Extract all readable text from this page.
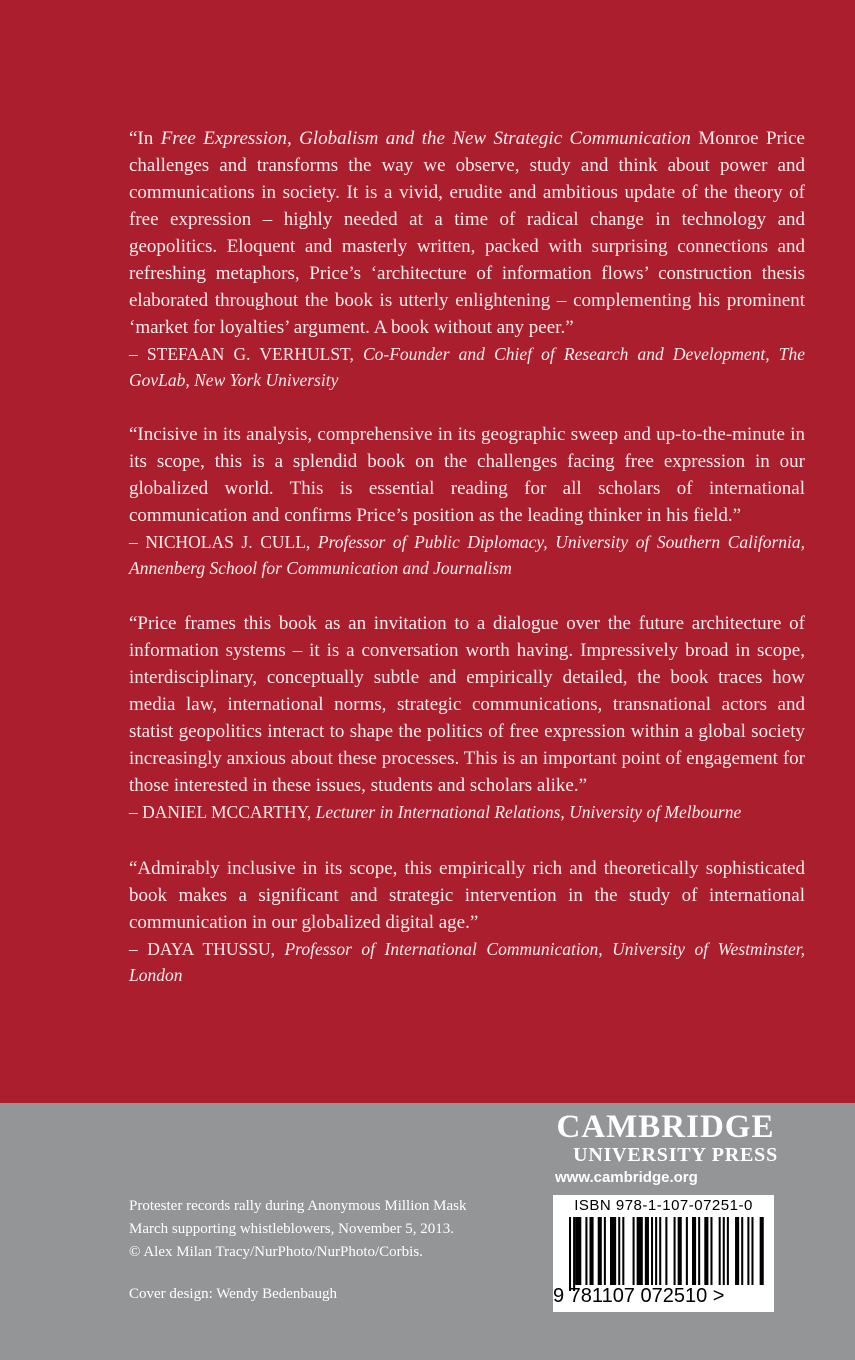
“In Free Expression, Globalism and the New Strategic Communication Monroe Price challenges and transforms the way we observe, study and think about power and communications in society. It is a vivid, erudite and ambitious update of the theory of free expression – highly needed at a time of radical change in technology and geopolitics. Eloquent and masterly written, packed with surprising connections and refreshing metaphors, Price’s ‘architecture of information flows’ construction thesis elaborated throughout the book is utterly enlightening – complementing his prominent ‘market for loyalties’ argument. A book without any peer.”

– STEFAAN G. VERHULST, Co-Founder and Chief of Research and Development, The GovLab, New York University

“Incisive in its analysis, comprehensive in its geographic sweep and up-to-the-minute in its scope, this is a splendid book on the challenges facing free expression in our globalized world. This is essential reading for all scholars of international communication and confirms Price’s position as the leading thinker in his field.”

– NICHOLAS J. CULL, Professor of Public Diplomacy, University of Southern California, Annenberg School for Communication and Journalism

“Price frames this book as an invitation to a dialogue over the future architecture of information systems – it is a conversation worth having. Impressively broad in scope, interdisciplinary, conceptually subtle and empirically detailed, the book traces how media law, international norms, strategic communications, transnational actors and statist geopolitics interact to shape the politics of free expression within a global society increasingly anxious about these processes. This is an important point of engagement for those interested in these issues, students and scholars alike.”

– DANIEL MCCARTHY, Lecturer in International Relations, University of Melbourne

“Admirably inclusive in its scope, this empirically rich and theoretically sophisticated book makes a significant and strategic intervention in the study of international communication in our globalized digital age.”

– DAYA THUSSU, Professor of International Communication, University of Westminster, London

Protester records rally during Anonymous Million Mask

March supporting whistleblowers, November 5, 2013.

© Alex Milan Tracy/NurPhoto/NurPhoto/Corbis.

Cover design: Wendy Bedenbaugh

CAMBRIDGE
UNIVERSITY PRESS
www.cambridge.org
ISBN 978-1-107-07251-0
9 781107 072510 >
